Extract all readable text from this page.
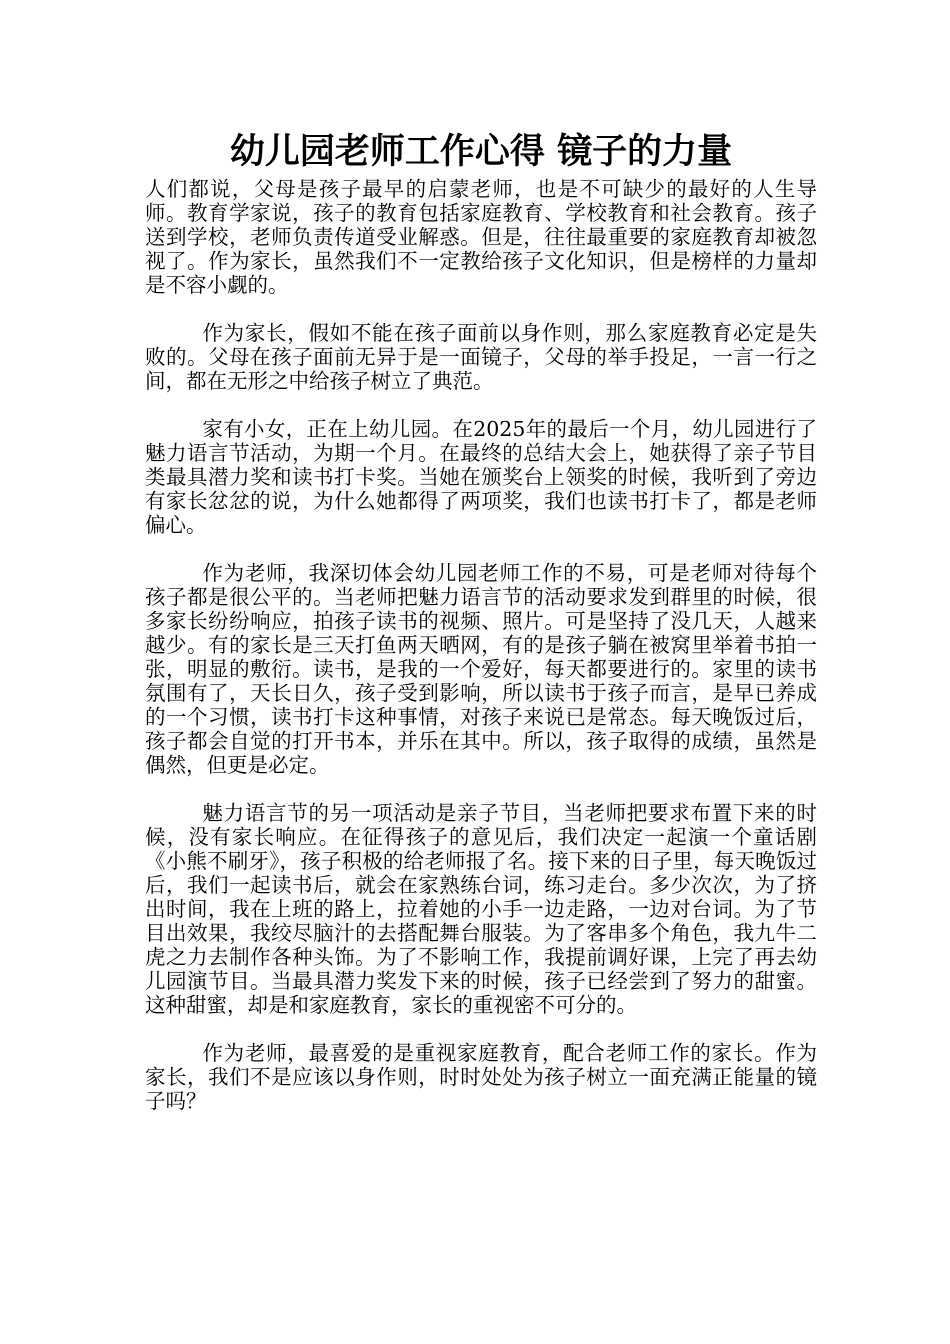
幼儿园老师工作心得 镜子的力量

人们都说，父母是孩子最早的启蒙老师，也是不可缺少的最好的人生导师。教育学家说，孩子的教育包括家庭教育、学校教育和社会教育。孩子送到学校，老师负责传道受业解惑。但是，往往最重要的家庭教育却被忽视了。作为家长，虽然我们不一定教给孩子文化知识，但是榜样的力量却是不容小觑的。

作为家长，假如不能在孩子面前以身作则，那么家庭教育必定是失败的。父母在孩子面前无异于是一面镜子，父母的举手投足，一言一行之间，都在无形之中给孩子树立了典范。

家有小女，正在上幼儿园。在2025年的最后一个月，幼儿园进行了魅力语言节活动，为期一个月。在最终的总结大会上，她获得了亲子节目类最具潜力奖和读书打卡奖。当她在颁奖台上领奖的时候，我听到了旁边有家长忿忿的说，为什么她都得了两项奖，我们也读书打卡了，都是老师偏心。

作为老师，我深切体会幼儿园老师工作的不易，可是老师对待每个孩子都是很公平的。当老师把魅力语言节的活动要求发到群里的时候，很多家长纷纷响应，拍孩子读书的视频、照片。可是坚持了没几天，人越来越少。有的家长是三天打鱼两天晒网，有的是孩子躺在被窝里举着书拍一张，明显的敷衍。读书，是我的一个爱好，每天都要进行的。家里的读书氛围有了，天长日久，孩子受到影响，所以读书于孩子而言，是早已养成的一个习惯，读书打卡这种事情，对孩子来说已是常态。每天晚饭过后，孩子都会自觉的打开书本，并乐在其中。所以，孩子取得的成绩，虽然是偶然，但更是必定。

魅力语言节的另一项活动是亲子节目，当老师把要求布置下来的时候，没有家长响应。在征得孩子的意见后，我们决定一起演一个童话剧《小熊不刷牙》，孩子积极的给老师报了名。接下来的日子里，每天晚饭过后，我们一起读书后，就会在家熟练台词，练习走台。多少次次，为了挤出时间，我在上班的路上，拉着她的小手一边走路，一边对台词。为了节目出效果，我绞尽脑汁的去搭配舞台服装。为了客串多个角色，我九牛二虎之力去制作各种头饰。为了不影响工作，我提前调好课，上完了再去幼儿园演节目。当最具潜力奖发下来的时候，孩子已经尝到了努力的甜蜜。这种甜蜜，却是和家庭教育，家长的重视密不可分的。

作为老师，最喜爱的是重视家庭教育，配合老师工作的家长。作为家长，我们不是应该以身作则，时时处处为孩子树立一面充满正能量的镜子吗？
